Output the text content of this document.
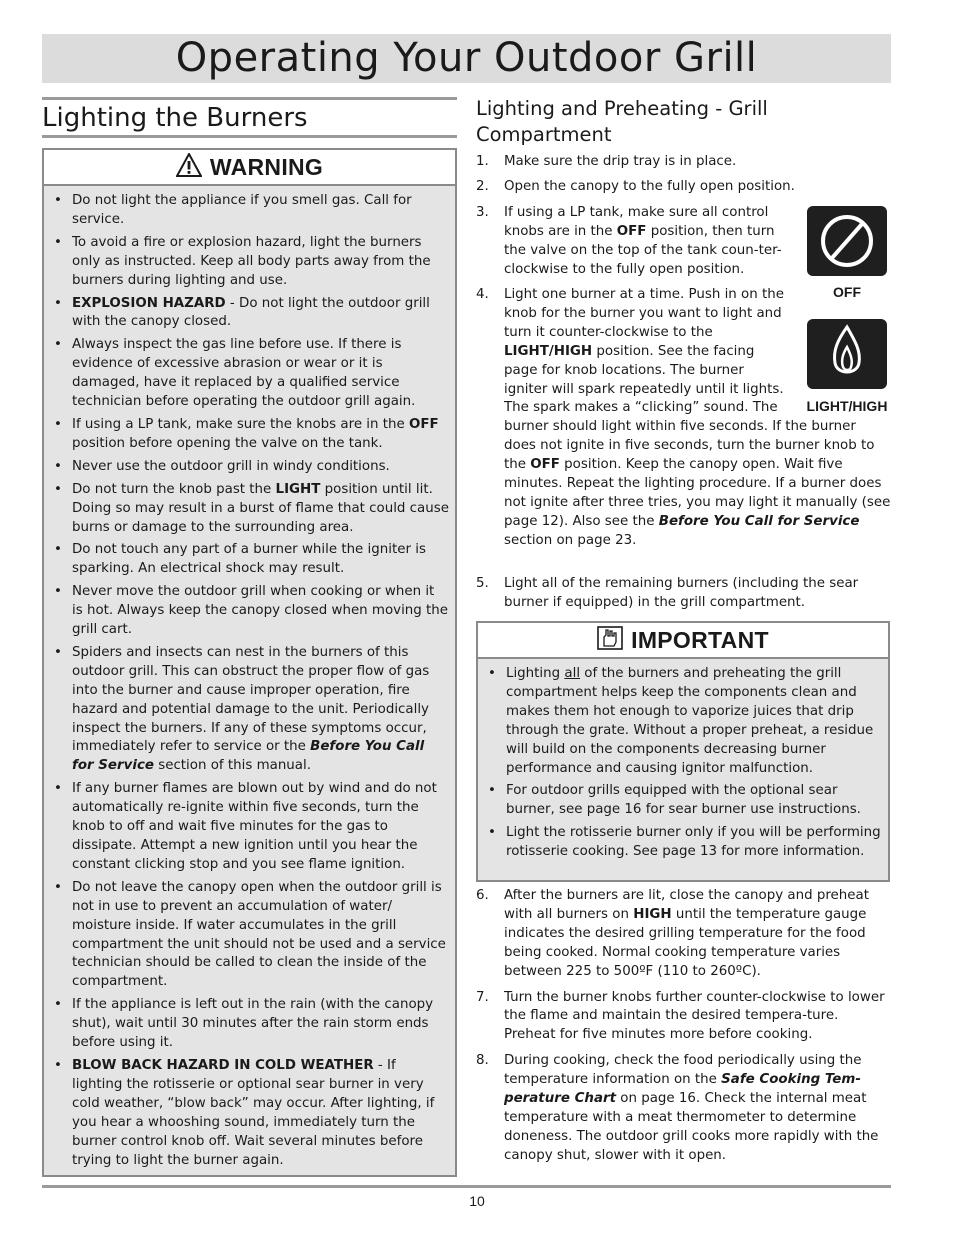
Operating Your Outdoor Grill
Lighting the Burners
WARNING
• Do not light the appliance if you smell gas. Call for service.
• To avoid a fire or explosion hazard, light the burners only as instructed. Keep all body parts away from the burners during lighting and use.
• EXPLOSION HAZARD - Do not light the outdoor grill with the canopy closed.
• Always inspect the gas line before use. If there is evidence of excessive abrasion or wear or it is damaged, have it replaced by a qualified service technician before operating the outdoor grill again.
• If using a LP tank, make sure the knobs are in the OFF position before opening the valve on the tank.
• Never use the outdoor grill in windy conditions.
• Do not turn the knob past the LIGHT position until lit. Doing so may result in a burst of flame that could cause burns or damage to the surrounding area.
• Do not touch any part of a burner while the igniter is sparking. An electrical shock may result.
• Never move the outdoor grill when cooking or when it is hot. Always keep the canopy closed when moving the grill cart.
• Spiders and insects can nest in the burners of this outdoor grill. This can obstruct the proper flow of gas into the burner and cause improper operation, fire hazard and potential damage to the unit. Periodically inspect the burners. If any of these symptoms occur, immediately refer to service or the Before You Call for Service section of this manual.
• If any burner flames are blown out by wind and do not automatically re-ignite within five seconds, turn the knob to off and wait five minutes for the gas to dissipate. Attempt a new ignition until you hear the constant clicking stop and you see flame ignition.
• Do not leave the canopy open when the outdoor grill is not in use to prevent an accumulation of water/ moisture inside. If water accumulates in the grill compartment the unit should not be used and a service technician should be called to clean the inside of the compartment.
• If the appliance is left out in the rain (with the canopy shut), wait until 30 minutes after the rain storm ends before using it.
• BLOW BACK HAZARD IN COLD WEATHER - If lighting the rotisserie or optional sear burner in very cold weather, “blow back” may occur. After lighting, if you hear a whooshing sound, immediately turn the burner control knob off. Wait several minutes before trying to light the burner again.
Lighting and Preheating - Grill Compartment
1. Make sure the drip tray is in place.
2. Open the canopy to the fully open position.
3. If using a LP tank, make sure all control knobs are in the OFF position, then turn the valve on the top of the tank coun-ter-clockwise to the fully open position.
4. Light one burner at a time. Push in on the knob for the burner you want to light and turn it counter-clockwise to the LIGHT/HIGH position. See the facing page for knob locations. The burner igniter will spark repeatedly until it lights. The spark makes a “clicking” sound. The burner should light within five seconds. If the burner does not ignite in five seconds, turn the burner knob to the OFF position. Keep the canopy open. Wait five minutes. Repeat the lighting procedure. If a burner does not ignite after three tries, you may light it manually (see page 12). Also see the Before You Call for Service section on page 23.
5. Light all of the remaining burners (including the sear burner if equipped) in the grill compartment.
OFF
LIGHT/HIGH
IMPORTANT
• Lighting all of the burners and preheating the grill compartment helps keep the components clean and makes them hot enough to vaporize juices that drip through the grate. Without a proper preheat, a residue will build on the components decreasing burner performance and causing ignitor malfunction.
• For outdoor grills equipped with the optional sear burner, see page 16 for sear burner use instructions.
• Light the rotisserie burner only if you will be performing rotisserie cooking. See page 13 for more information.
6. After the burners are lit, close the canopy and preheat with all burners on HIGH until the temperature gauge indicates the desired grilling temperature for the food being cooked. Normal cooking temperature varies between 225 to 500ºF (110 to 260ºC).
7. Turn the burner knobs further counter-clockwise to lower the flame and maintain the desired tempera-ture. Preheat for five minutes more before cooking.
8. During cooking, check the food periodically using the temperature information on the Safe Cooking Tem-perature Chart on page 16. Check the internal meat temperature with a meat thermometer to determine doneness. The outdoor grill cooks more rapidly with the canopy shut, slower with it open.
10
